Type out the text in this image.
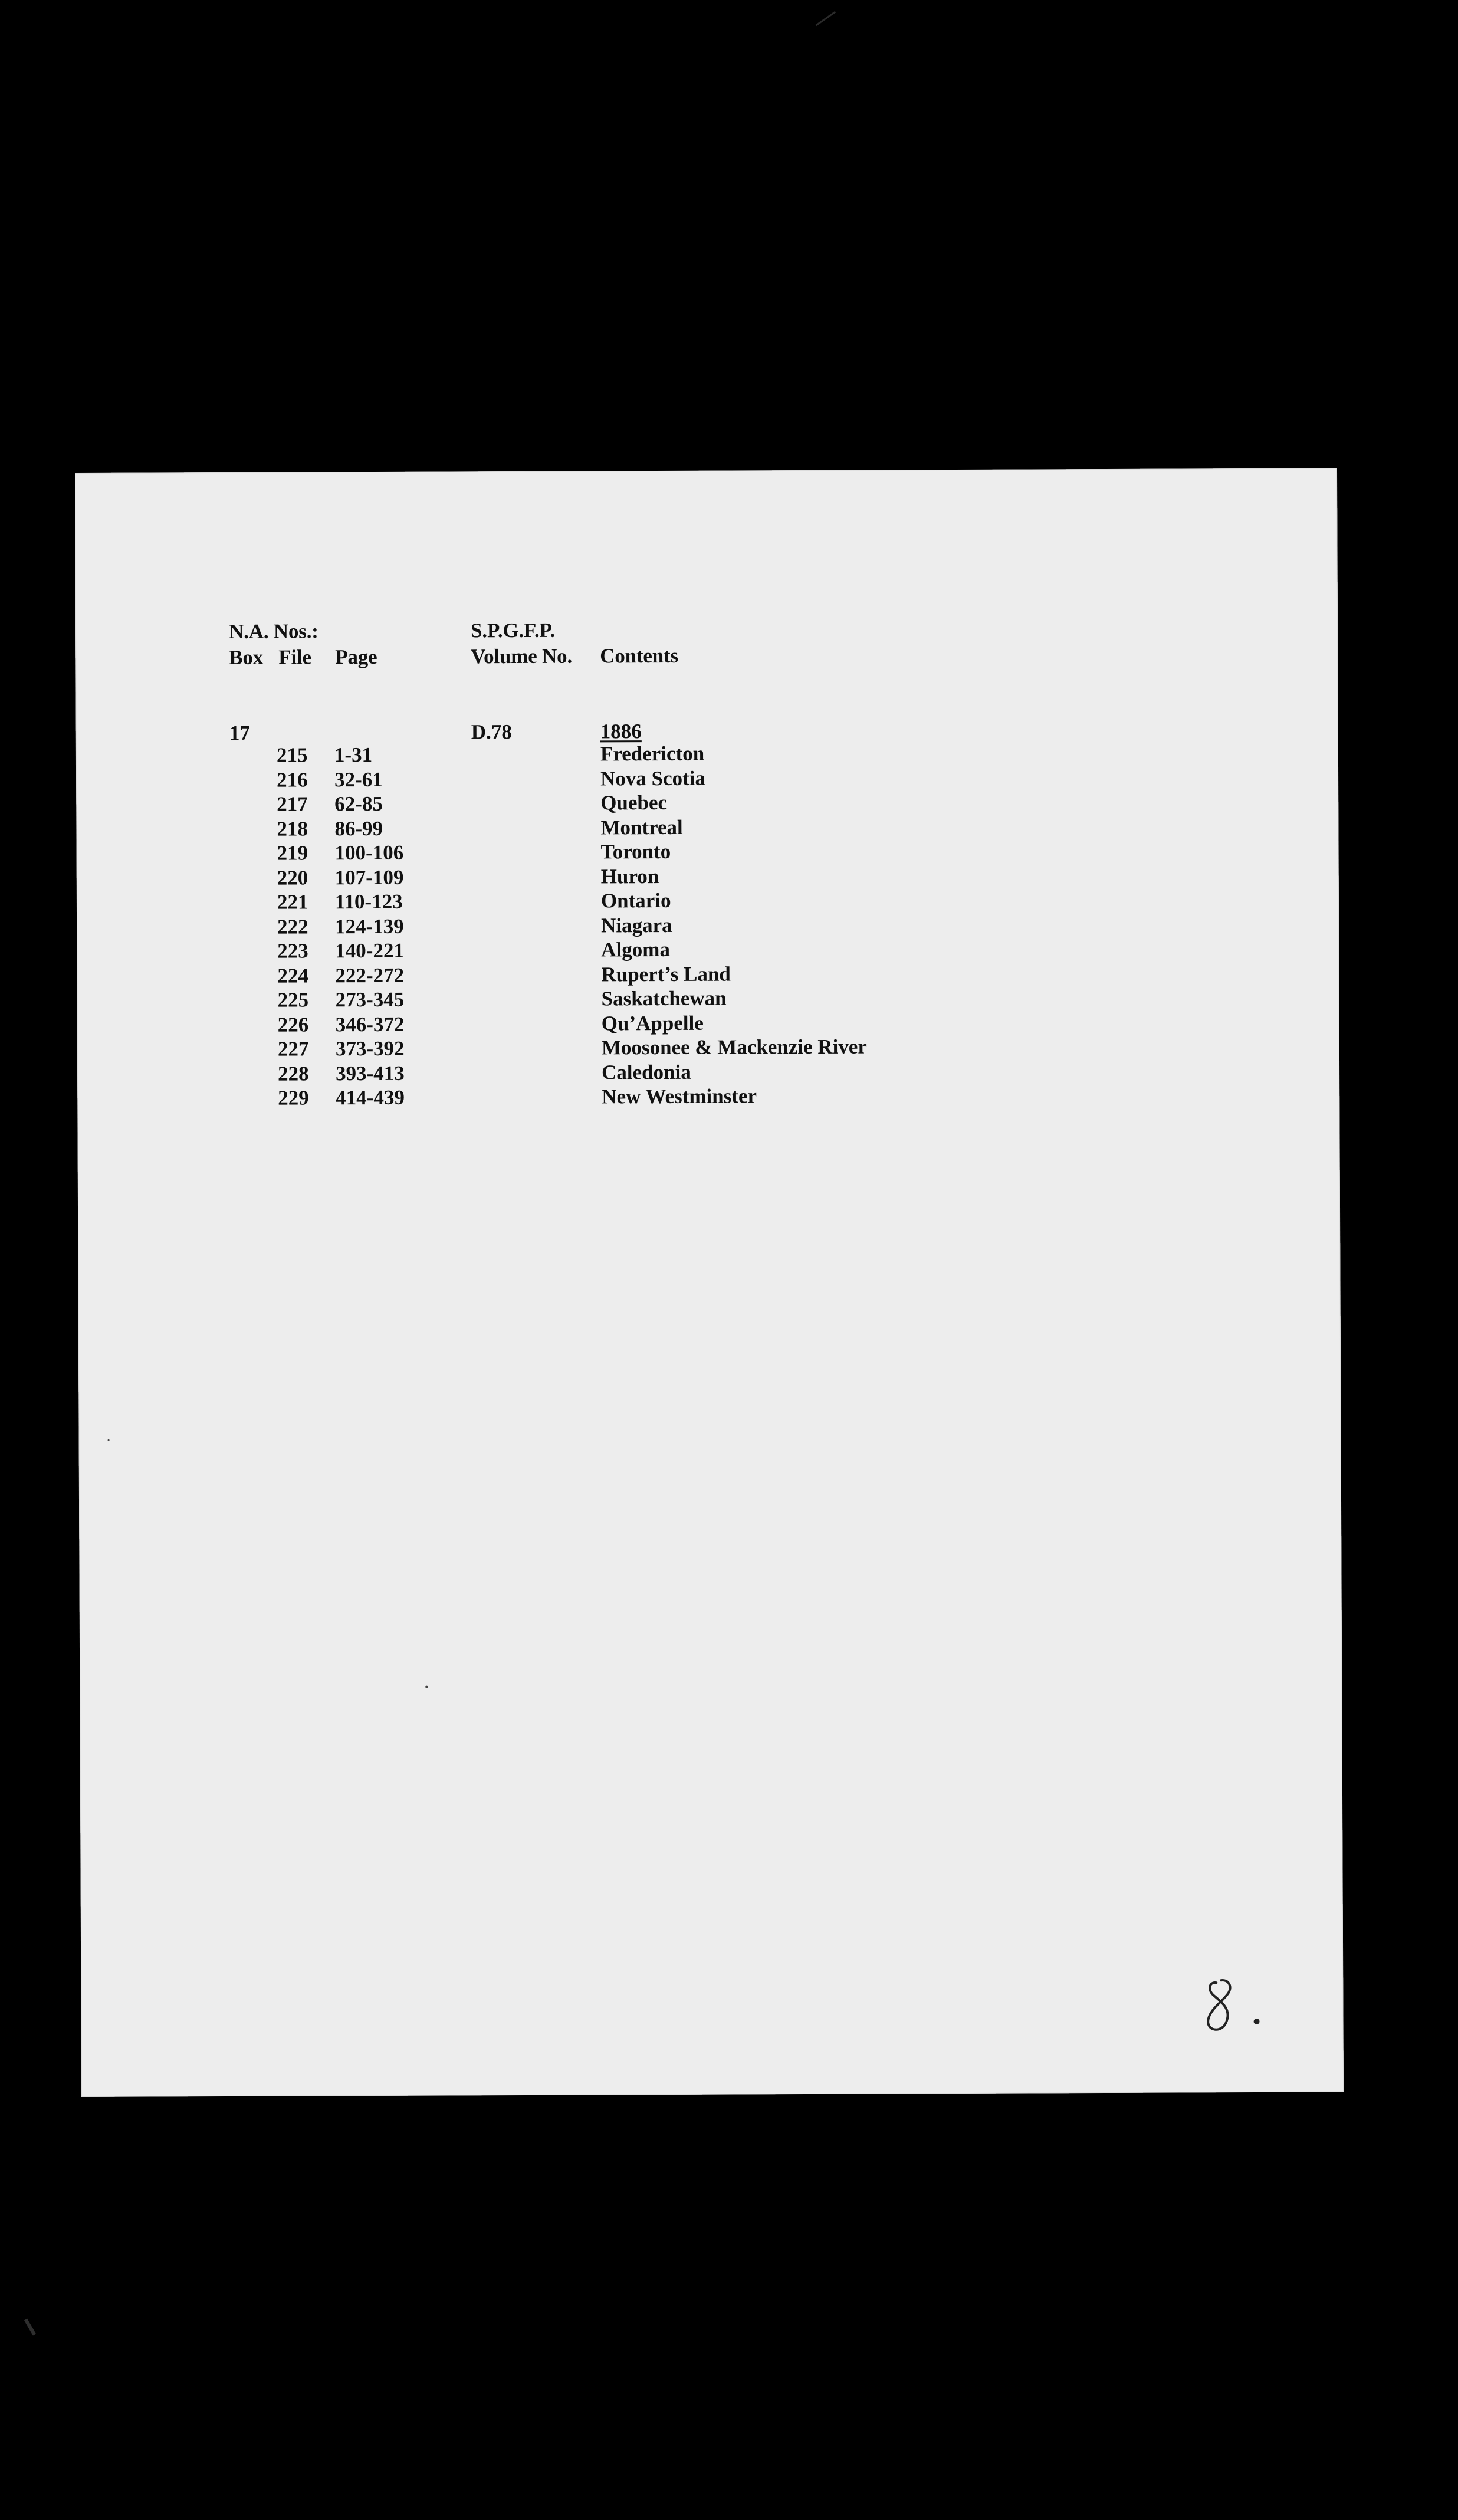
N.A. Nos.:	S.P.G.F.P.
Box File Page	Volume No. Contents
17	D.78	1886
215 1-31	Fredericton
216 32-61	Nova Scotia
217 62-85	Quebec
218 86-99	Montreal
219 100-106	Toronto
220 107-109	Huron
221 110-123	Ontario
222 124-139	Niagara
223 140-221	Algoma
224 222-272	Rupert’s Land
225 273-345	Saskatchewan
226 346-372	Qu’Appelle
227 373-392	Moosonee & Mackenzie River
228 393-413	Caledonia
229 414-439	New Westminster
